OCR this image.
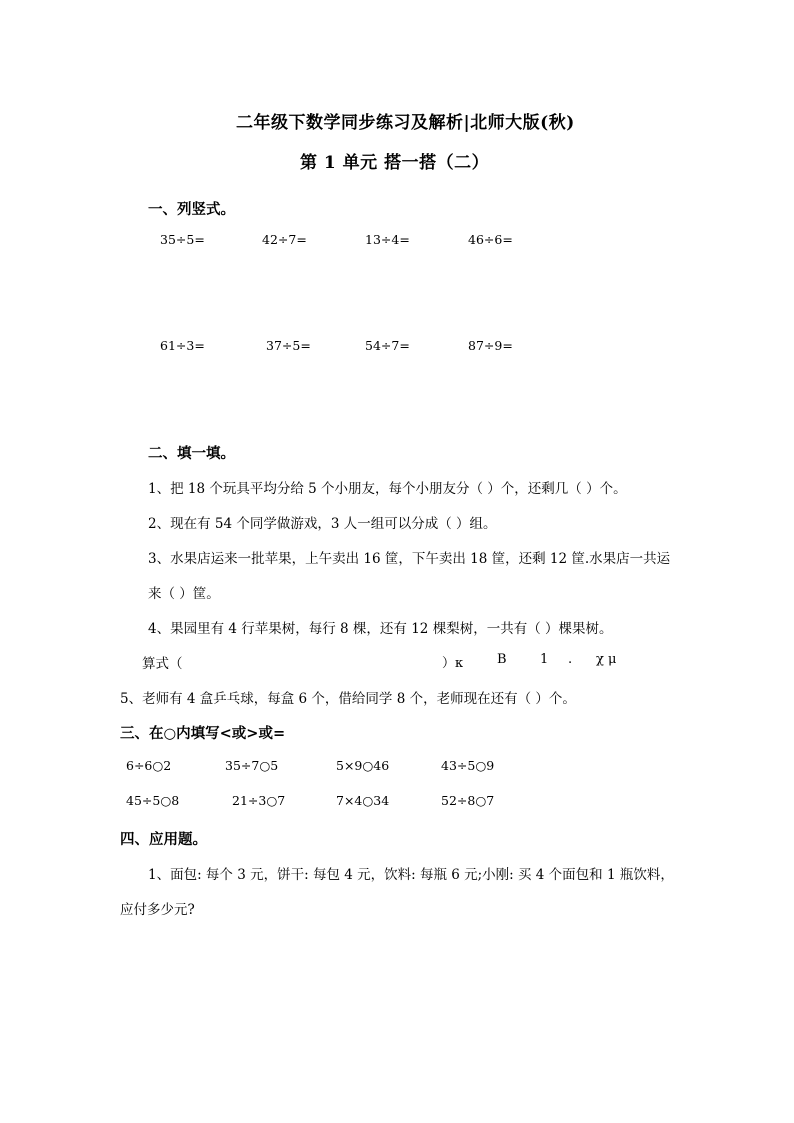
二年级下数学同步练习及解析|北师大版(秋)
第 1 单元 搭一搭（二）
一、列竖式。
35÷5=	42÷7=	13÷4=	46÷6=
61÷3=	37÷5=	54÷7=	87÷9=
二、填一填。
1、把 18 个玩具平均分给 5 个小朋友，每个小朋友分（ ）个，还剩几（ ）个。
2、现在有 54 个同学做游戏，3 人一组可以分成（ ）组。
3、水果店运来一批苹果，上午卖出 16 筐，下午卖出 18 筐，还剩 12 筐.水果店一共运
来（ ）筐。
4、果园里有 4 行苹果树，每行 8 棵，还有 12 棵梨树，一共有（ ）棵果树。
算式（	）κ	Β	1 . χ μ
5、老师有 4 盒乒乓球，每盒 6 个，借给同学 8 个，老师现在还有（ ）个。
三、在○内填写<或>或=
6÷6○2	35÷7○5	5×9○46	43÷5○9
45÷5○8	21÷3○7	7×4○34	52÷8○7
四、应用题。
1、面包: 每个 3 元，饼干: 每包 4 元，饮料: 每瓶 6 元;小刚: 买 4 个面包和 1 瓶饮料，
应付多少元?
